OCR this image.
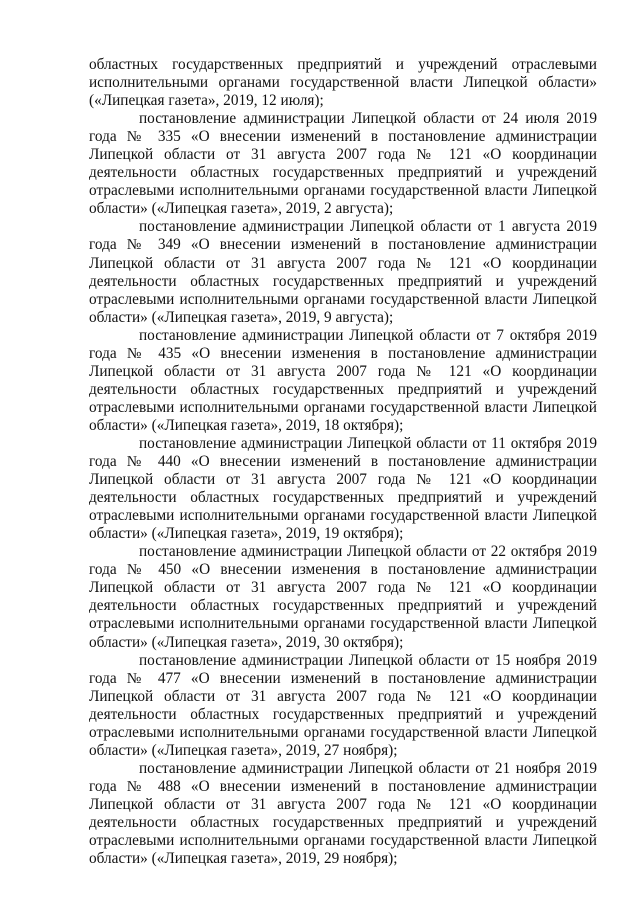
областных государственных предприятий и учреждений отраслевыми исполнительными органами государственной власти Липецкой области» («Липецкая газета», 2019, 12 июля);

постановление администрации Липецкой области от 24 июля 2019 года № 335 «О внесении изменений в постановление администрации Липецкой области от 31 августа 2007 года № 121 «О координации деятельности областных государственных предприятий и учреждений отраслевыми исполнительными органами государственной власти Липецкой области» («Липецкая газета», 2019, 2 августа);

постановление администрации Липецкой области от 1 августа 2019 года № 349 «О внесении изменений в постановление администрации Липецкой области от 31 августа 2007 года № 121 «О координации деятельности областных государственных предприятий и учреждений отраслевыми исполнительными органами государственной власти Липецкой области» («Липецкая газета», 2019, 9 августа);

постановление администрации Липецкой области от 7 октября 2019 года № 435 «О внесении изменения в постановление администрации Липецкой области от 31 августа 2007 года № 121 «О координации деятельности областных государственных предприятий и учреждений отраслевыми исполнительными органами государственной власти Липецкой области» («Липецкая газета», 2019, 18 октября);

постановление администрации Липецкой области от 11 октября 2019 года № 440 «О внесении изменений в постановление администрации Липецкой области от 31 августа 2007 года № 121 «О координации деятельности областных государственных предприятий и учреждений отраслевыми исполнительными органами государственной власти Липецкой области» («Липецкая газета», 2019, 19 октября);

постановление администрации Липецкой области от 22 октября 2019 года № 450 «О внесении изменения в постановление администрации Липецкой области от 31 августа 2007 года № 121 «О координации деятельности областных государственных предприятий и учреждений отраслевыми исполнительными органами государственной власти Липецкой области» («Липецкая газета», 2019, 30 октября);

постановление администрации Липецкой области от 15 ноября 2019 года № 477 «О внесении изменений в постановление администрации Липецкой области от 31 августа 2007 года № 121 «О координации деятельности областных государственных предприятий и учреждений отраслевыми исполнительными органами государственной власти Липецкой области» («Липецкая газета», 2019, 27 ноября);

постановление администрации Липецкой области от 21 ноября 2019 года № 488 «О внесении изменений в постановление администрации Липецкой области от 31 августа 2007 года № 121 «О координации деятельности областных государственных предприятий и учреждений отраслевыми исполнительными органами государственной власти Липецкой области» («Липецкая газета», 2019, 29 ноября);
